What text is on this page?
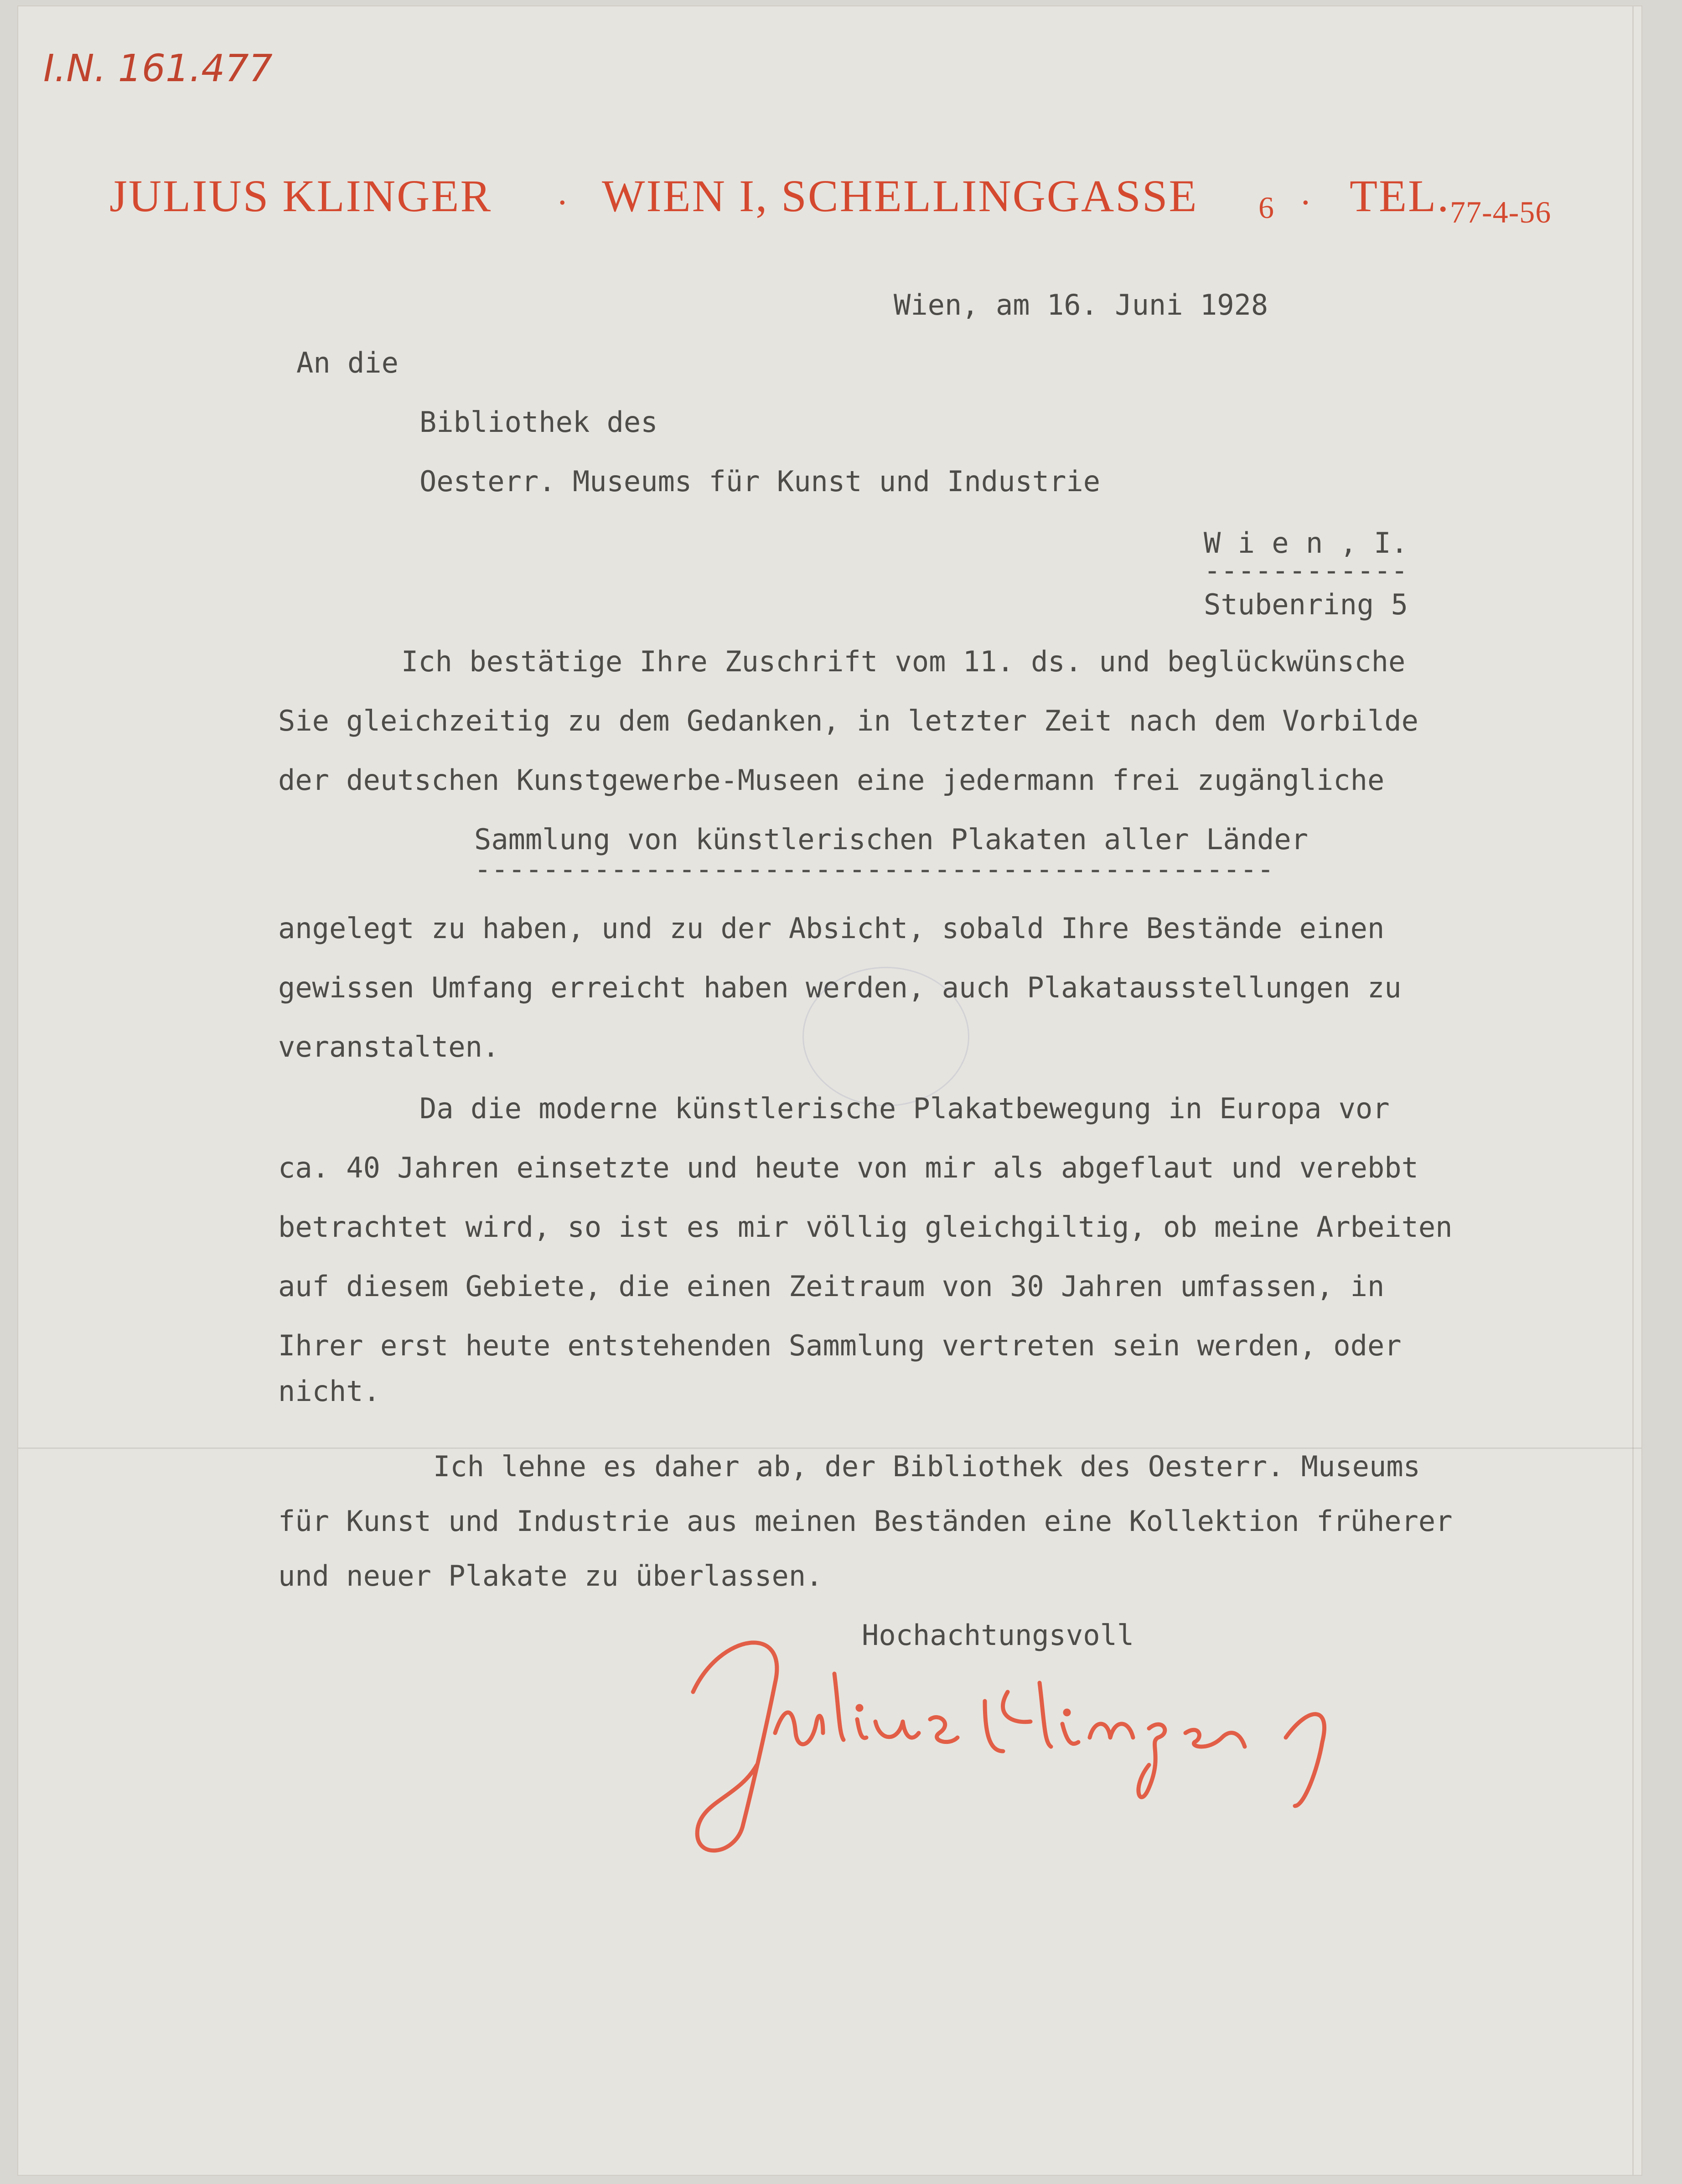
I.N. 161.477
JULIUS KLINGER · WIEN I, SCHELLINGGASSE 6 · TEL. 77-4-56
Wien, am 16. Juni 1928
An die
Bibliothek des
Oesterr. Museums für Kunst und Industrie
W i e n , I.
------------
Stubenring 5
Ich bestätige Ihre Zuschrift vom 11. ds. und beglückwünsche
Sie gleichzeitig zu dem Gedanken, in letzter Zeit nach dem Vorbilde
der deutschen Kunstgewerbe-Museen eine jedermann frei zugängliche
Sammlung von künstlerischen Plakaten aller Länder
-----------------------------------------------
angelegt zu haben, und zu der Absicht, sobald Ihre Bestände einen
gewissen Umfang erreicht haben werden, auch Plakatausstellungen zu
veranstalten.
Da die moderne künstlerische Plakatbewegung in Europa vor
ca. 40 Jahren einsetzte und heute von mir als abgeflaut und verebbt
betrachtet wird, so ist es mir völlig gleichgiltig, ob meine Arbeiten
auf diesem Gebiete, die einen Zeitraum von 30 Jahren umfassen, in
Ihrer erst heute entstehenden Sammlung vertreten sein werden, oder
nicht.
Ich lehne es daher ab, der Bibliothek des Oesterr. Museums
für Kunst und Industrie aus meinen Beständen eine Kollektion früherer
und neuer Plakate zu überlassen.
Hochachtungsvoll
